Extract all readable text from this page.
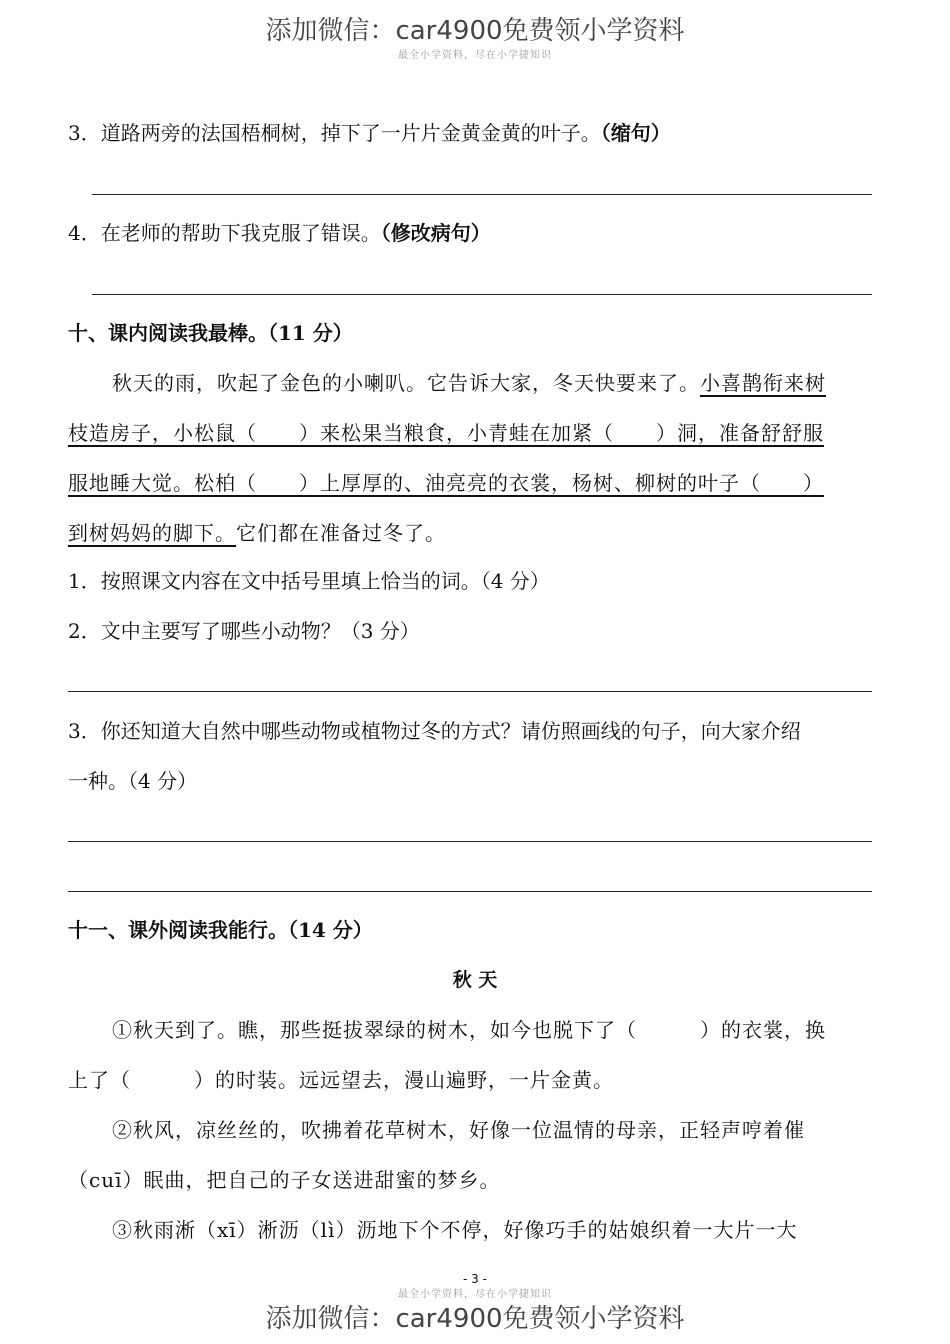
添加微信：car4900免费领小学资料
最全小学资料，尽在小学捷知识
3．道路两旁的法国梧桐树，掉下了一片片金黄金黄的叶子。（缩句）
4．在老师的帮助下我克服了错误。（修改病句）
十、课内阅读我最棒。（11 分）
秋天的雨，吹起了金色的小喇叭。它告诉大家，冬天快要来了。小喜鹊衔来树
枝造房子，小松鼠（　　）来松果当粮食，小青蛙在加紧（　　）洞，准备舒舒服
服地睡大觉。松柏（　　）上厚厚的、油亮亮的衣裳，杨树、柳树的叶子（　　）
到树妈妈的脚下。它们都在准备过冬了。
1．按照课文内容在文中括号里填上恰当的词。（4 分）
2．文中主要写了哪些小动物？（3 分）
3．你还知道大自然中哪些动物或植物过冬的方式？请仿照画线的句子，向大家介绍
一种。（4 分）
十一、课外阅读我能行。（14 分）
秋 天
①秋天到了。瞧，那些挺拔翠绿的树木，如今也脱下了（　　　）的衣裳，换
上了（　　　）的时装。远远望去，漫山遍野，一片金黄。
②秋风，凉丝丝的，吹拂着花草树木，好像一位温情的母亲，正轻声哼着催
（cuī）眠曲，把自己的子女送进甜蜜的梦乡。
③秋雨淅（xī）淅沥（lì）沥地下个不停，好像巧手的姑娘织着一大片一大
- 3 -
最全小学资料，尽在小学捷知识
添加微信：car4900免费领小学资料
